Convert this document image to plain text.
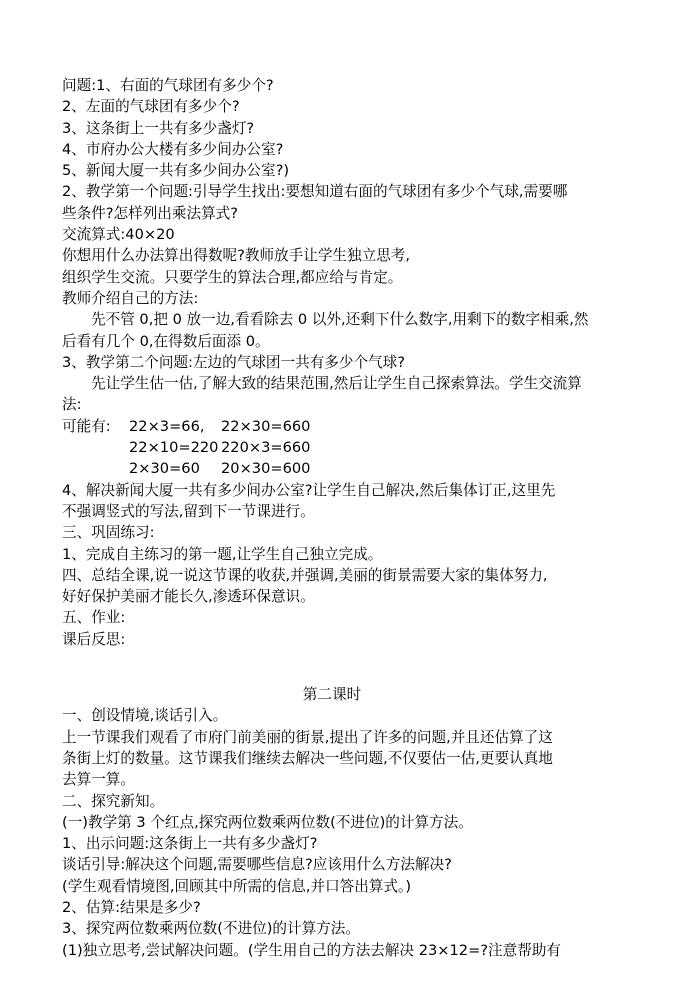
问题:1、右面的气球团有多少个?
2、左面的气球团有多少个?
3、这条街上一共有多少盏灯?
4、市府办公大楼有多少间办公室?
5、新闻大厦一共有多少间办公室?)
2、教学第一个问题:引导学生找出:要想知道右面的气球团有多少个气球,需要哪
些条件?怎样列出乘法算式?
交流算式:40×20
你想用什么办法算出得数呢?教师放手让学生独立思考,
组织学生交流。只要学生的算法合理,都应给与肯定。
教师介绍自己的方法:
先不管 0,把 0 放一边,看看除去 0 以外,还剩下什么数字,用剩下的数字相乘,然
后看有几个 0,在得数后面添 0。
3、教学第二个问题:左边的气球团一共有多少个气球?
先让学生估一估,了解大致的结果范围,然后让学生自己探索算法。学生交流算
法:
可能有: 22×3=66, 22×30=660
22×10=220 220×3=660
2×30=60 20×30=600
4、解决新闻大厦一共有多少间办公室?让学生自己解决,然后集体订正,这里先
不强调竖式的写法,留到下一节课进行。
三、巩固练习:
1、完成自主练习的第一题,让学生自己独立完成。
四、总结全课,说一说这节课的收获,并强调,美丽的街景需要大家的集体努力,
好好保护美丽才能长久,渗透环保意识。
五、作业:
课后反思:
第二课时
一、创设情境,谈话引入。
上一节课我们观看了市府门前美丽的街景,提出了许多的问题,并且还估算了这
条街上灯的数量。这节课我们继续去解决一些问题,不仅要估一估,更要认真地
去算一算。
二、探究新知。
(一)教学第 3 个红点,探究两位数乘两位数(不进位)的计算方法。
1、出示问题:这条街上一共有多少盏灯?
谈话引导:解决这个问题,需要哪些信息?应该用什么方法解决?
(学生观看情境图,回顾其中所需的信息,并口答出算式。)
2、估算:结果是多少?
3、探究两位数乘两位数(不进位)的计算方法。
(1)独立思考,尝试解决问题。(学生用自己的方法去解决 23×12=?注意帮助有
